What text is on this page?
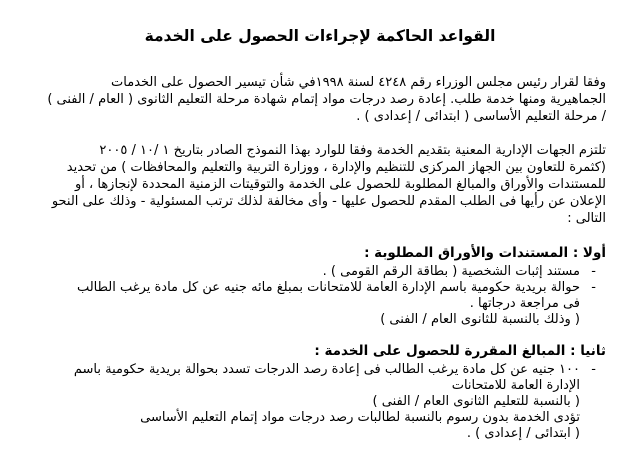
القواعد الحاكمة لإجراءات الحصول على الخدمة
وفقا لقرار رئيس مجلس الوزراء رقم ٤٢٤٨ لسنة ١٩٩٨في شأن تيسير الحصول على الخدمات
الجماهيرية ومنها خدمة طلب. إعادة رصد درجات مواد إتمام شهادة مرحلة التعليم الثانوى ( العام / الفنى )
/ مرحلة التعليم الأساسى ( ابتدائى / إعدادى ) .
تلتزم الجهات الإدارية المعنية بتقديم الخدمة وفقا للوارد بهذا النموذج الصادر بتاريخ ١ /١٠ / ٢٠٠٥
(كثمرة للتعاون بين الجهاز المركزى للتنظيم والإدارة ، ووزارة التربية والتعليم والمحافظات ) من تحديد
للمستندات والأوراق والمبالغ المطلوبة للحصول على الخدمة والتوقيتات الزمنية المحددة لإنجازها ، أو
الإعلان عن رأيها فى الطلب المقدم للحصول عليها - وأى مخالفة لذلك ترتب المسئولية - وذلك على النحو
التالى :
أولا : المستندات والأوراق المطلوبة :
- مستند إثبات الشخصية ( بطاقة الرقم القومى ) .
- حوالة بريدية حكومية باسم الإدارة العامة للامتحانات بمبلغ مائه جنيه عن كل مادة يرغب الطالب
فى مراجعة درجاتها .
( وذلك بالنسبة للثانوى العام / الفنى )
ثانيا : المبالغ المقررة للحصول على الخدمة :
- ١٠٠ جنيه عن كل مادة يرغب الطالب فى إعادة رصد الدرجات تسدد بحوالة بريدية حكومية باسم
الإدارة العامة للامتحانات
( بالنسبة للتعليم الثانوى العام / الفنى )
تؤدى الخدمة بدون رسوم بالنسبة لطالبات رصد درجات مواد إتمام التعليم الأساسى
( ابتدائى / إعدادى ) .
